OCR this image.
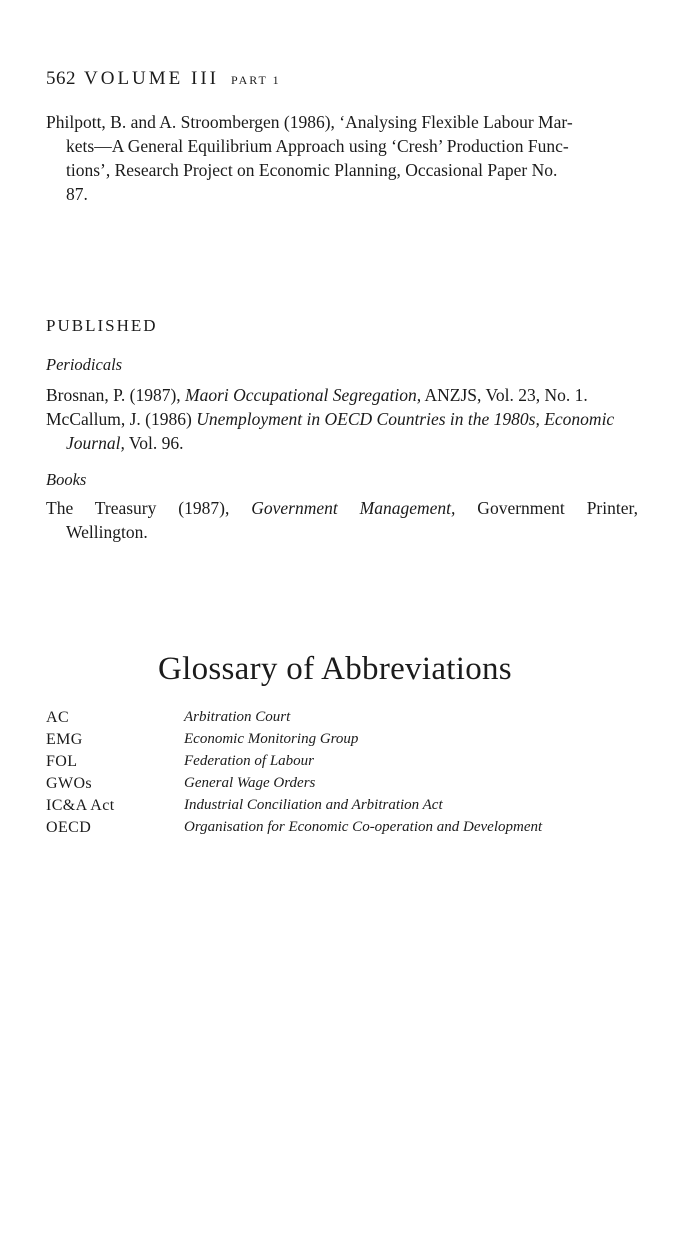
562 VOLUME III PART 1
Philpott, B. and A. Stroombergen (1986), ‘Analysing Flexible Labour Mar-
kets—A General Equilibrium Approach using ‘Cresh’ Production Func-
tions’, Research Project on Economic Planning, Occasional Paper No.
87.
PUBLISHED
Periodicals
Brosnan, P. (1987), Maori Occupational Segregation, ANZJS, Vol. 23, No. 1.
McCallum, J. (1986) Unemployment in OECD Countries in the 1980s, Economic
Journal, Vol. 96.
Books
The Treasury (1987), Government Management, Government Printer,
Wellington.
Glossary of Abbreviations
AC	Arbitration Court
EMG	Economic Monitoring Group
FOL	Federation of Labour
GWOs	General Wage Orders
IC&A Act	Industrial Conciliation and Arbitration Act
OECD	Organisation for Economic Co-operation and Development
